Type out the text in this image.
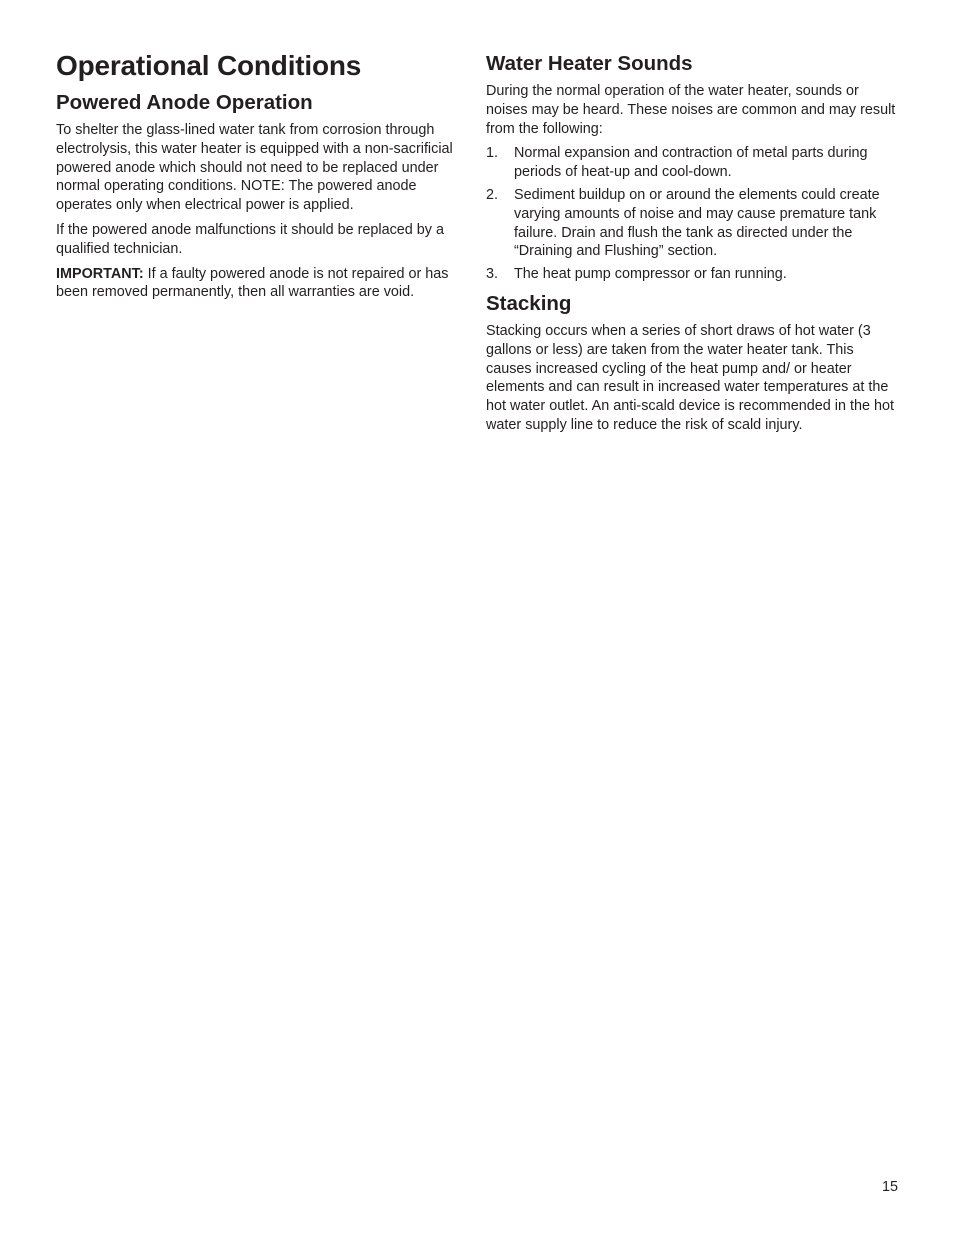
Operational Conditions
Powered Anode Operation

To shelter the glass-lined water tank from corrosion through electrolysis, this water heater is equipped with a non-sacrificial powered anode which should not need to be replaced under normal operating conditions. NOTE: The powered anode operates only when electrical power is applied.

If the powered anode malfunctions it should be replaced by a qualified technician.

IMPORTANT: If a faulty powered anode is not repaired or has been removed permanently, then all warranties are void.

Water Heater Sounds

During the normal operation of the water heater, sounds or noises may be heard. These noises are common and may result from the following:

1. Normal expansion and contraction of metal parts during periods of heat-up and cool-down.
2. Sediment buildup on or around the elements could create varying amounts of noise and may cause premature tank failure. Drain and flush the tank as directed under the “Draining and Flushing” section.
3. The heat pump compressor or fan running.
Stacking

Stacking occurs when a series of short draws of hot water (3 gallons or less) are taken from the water heater tank. This causes increased cycling of the heat pump and/ or heater elements and can result in increased water temperatures at the hot water outlet. An anti-scald device is recommended in the hot water supply line to reduce the risk of scald injury.

15
